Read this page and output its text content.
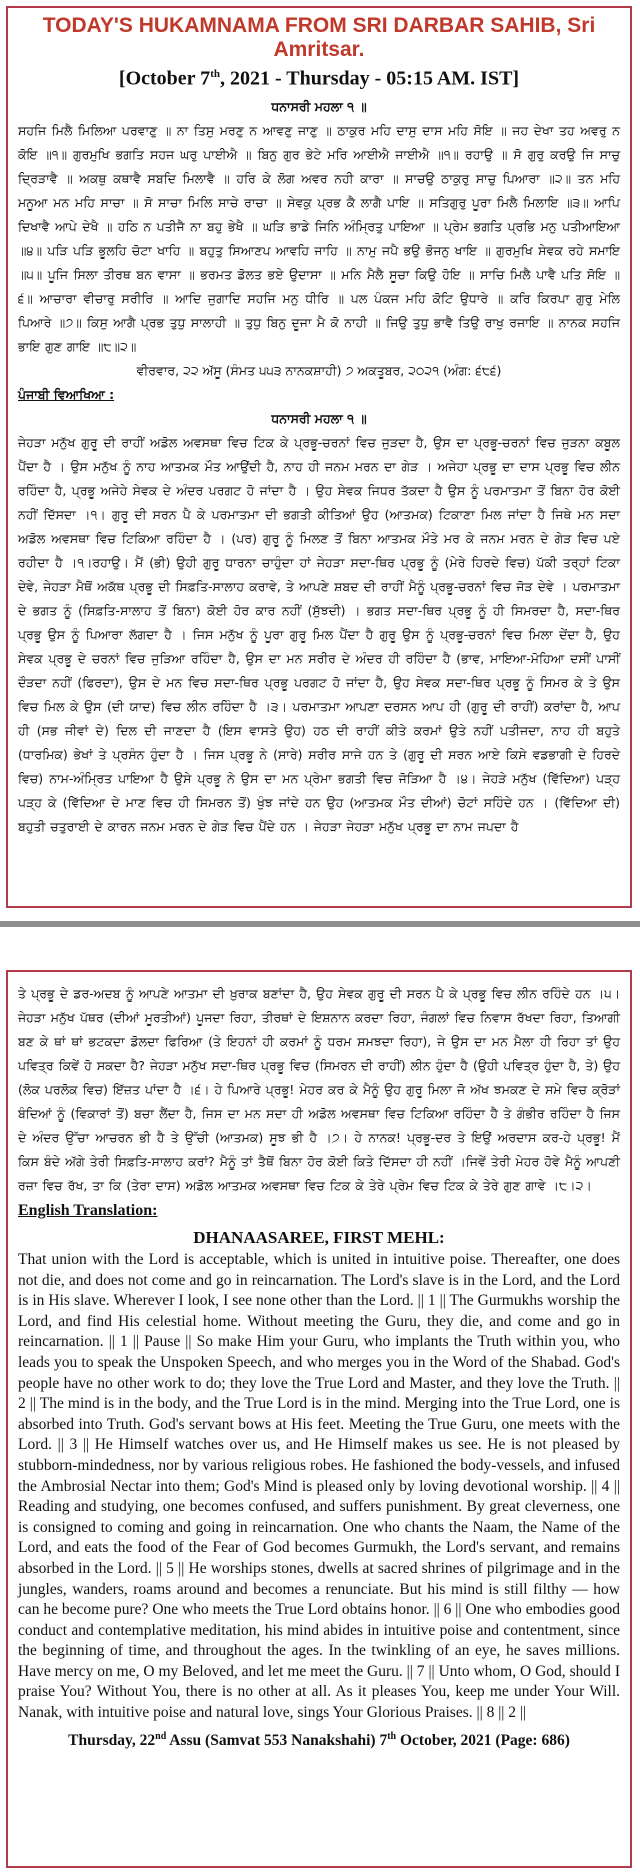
TODAY'S HUKAMNAMA FROM SRI DARBAR SAHIB, Sri Amritsar.
[October 7th, 2021 - Thursday - 05:15 AM. IST]
ਧਨਾਸਰੀ ਮਹਲਾ ੧ ॥
ਸਹਜਿ ਮਿਲੈ ਮਿਲਿਆ ਪਰਵਾਣੁ ॥ ਨਾ ਤਿਸੁ ਮਰਣੁ ਨ ਆਵਣੁ ਜਾਣੁ ॥ ਠਾਕੁਰ ਮਹਿ ਦਾਸੁ ਦਾਸ ਮਹਿ ਸੋਇ ॥ ਜਹ ਦੇਖਾ ਤਹ ਅਵਰੁ ਨ ਕੋਇ ॥੧॥ ਗੁਰਮੁਖਿ ਭਗਤਿ ਸਹਜ ਘਰੁ ਪਾਈਐ ॥ ਬਿਨੁ ਗੁਰ ਭੇਟੇ ਮਰਿ ਆਈਐ ਜਾਈਐ ॥੧॥ ਰਹਾਉ ॥ ਸੋ ਗੁਰੁ ਕਰਉ ਜਿ ਸਾਚੁ ਦ੍ਰਿੜਾਵੈ ॥ ਅਕਥੁ ਕਥਾਵੈ ਸਬਦਿ ਮਿਲਾਵੈ ॥ ਹਰਿ ਕੇ ਲੋਗ ਅਵਰ ਨਹੀ ਕਾਰਾ ॥ ਸਾਚਉ ਠਾਕੁਰੁ ਸਾਚੁ ਪਿਆਰਾ ॥੨॥ ਤਨ ਮਹਿ ਮਨੂਆ ਮਨ ਮਹਿ ਸਾਚਾ ॥ ਸੋ ਸਾਚਾ ਮਿਲਿ ਸਾਚੇ ਰਾਚਾ ॥ ਸੇਵਕੁ ਪ੍ਰਭ ਕੈ ਲਾਗੈ ਪਾਇ ॥ ਸਤਿਗੁਰੁ ਪੂਰਾ ਮਿਲੈ ਮਿਲਾਇ ॥੩॥ ਆਪਿ ਦਿਖਾਵੈ ਆਪੇ ਦੇਖੈ ॥ ਹਠਿ ਨ ਪਤੀਜੈ ਨਾ ਬਹੁ ਭੇਖੈ ॥ ਘੜਿ ਭਾਡੇ ਜਿਨਿ ਅੰਮ੍ਰਿਤੁ ਪਾਇਆ ॥ ਪ੍ਰੇਮ ਭਗਤਿ ਪ੍ਰਭਿ ਮਨੁ ਪਤੀਆਇਆ ॥੪॥ ਪੜਿ ਪੜਿ ਭੂਲਹਿ ਚੋਟਾ ਖਾਹਿ ॥ ਬਹੁਤੁ ਸਿਆਣਪ ਆਵਹਿ ਜਾਹਿ ॥ ਨਾਮੁ ਜਪੈ ਭਉ ਭੋਜਨੁ ਖਾਇ ॥ ਗੁਰਮੁਖਿ ਸੇਵਕ ਰਹੇ ਸਮਾਇ ॥੫॥ ਪੂਜਿ ਸਿਲਾ ਤੀਰਥ ਬਨ ਵਾਸਾ ॥ ਭਰਮਤ ਡੋਲਤ ਭਏ ਉਦਾਸਾ ॥ ਮਨਿ ਮੈਲੈ ਸੂਚਾ ਕਿਉ ਹੋਇ ॥ ਸਾਚਿ ਮਿਲੈ ਪਾਵੈ ਪਤਿ ਸੋਇ ॥੬॥ ਆਚਾਰਾ ਵੀਚਾਰੁ ਸਰੀਰਿ ॥ ਆਦਿ ਜੁਗਾਦਿ ਸਹਜਿ ਮਨੁ ਧੀਰਿ ॥ ਪਲ ਪੰਕਜ ਮਹਿ ਕੋਟਿ ਉਧਾਰੇ ॥ ਕਰਿ ਕਿਰਪਾ ਗੁਰੁ ਮੇਲਿ ਪਿਆਰੇ ॥੭॥ ਕਿਸੁ ਆਗੈ ਪ੍ਰਭ ਤੁਧੁ ਸਾਲਾਹੀ ॥ ਤੁਧੁ ਬਿਨੁ ਦੂਜਾ ਮੈ ਕੋ ਨਾਹੀ ॥ ਜਿਉ ਤੁਧੁ ਭਾਵੈ ਤਿਉ ਰਾਖੁ ਰਜਾਇ ॥ ਨਾਨਕ ਸਹਜਿ ਭਾਇ ਗੁਣ ਗਾਇ ॥੮॥੨॥
ਵੀਰਵਾਰ, ੨੨ ਅੱਸੂ (ਸੰਮਤ ੫੫੩ ਨਾਨਕਸ਼ਾਹੀ) ੭ ਅਕਤੂਬਰ, ੨੦੨੧ (ਅੰਗ: ੬੮੬)
ਪੰਜਾਬੀ ਵਿਆਖਿਆ :
ਧਨਾਸਰੀ ਮਹਲਾ ੧ ॥
ਜੇਹੜਾ ਮਨੁੱਖ ਗੁਰੂ ਦੀ ਰਾਹੀਂ ਅਡੋਲ ਅਵਸਥਾ ਵਿਚ ਟਿਕ ਕੇ ਪ੍ਰਭੂ-ਚਰਨਾਂ ਵਿਚ ਜੁੜਦਾ ਹੈ, ਉਸ ਦਾ ਪ੍ਰਭੂ-ਚਰਨਾਂ ਵਿਚ ਜੁੜਨਾ ਕਬੂਲ ਪੈਂਦਾ ਹੈ । ਉਸ ਮਨੁੱਖ ਨੂੰ ਨਾਹ ਆਤਮਕ ਮੌਤ ਆਉਂਦੀ ਹੈ, ਨਾਹ ਹੀ ਜਨਮ ਮਰਨ ਦਾ ਗੇੜ । ਅਜੇਹਾ ਪ੍ਰਭੂ ਦਾ ਦਾਸ ਪ੍ਰਭੂ ਵਿਚ ਲੀਨ ਰਹਿੰਦਾ ਹੈ, ਪ੍ਰਭੂ ਅਜੇਹੇ ਸੇਵਕ ਦੇ ਅੰਦਰ ਪਰਗਟ ਹੋ ਜਾਂਦਾ ਹੈ । ਉਹ ਸੇਵਕ ਜਿਧਰ ਤੱਕਦਾ ਹੈ ਉਸ ਨੂੰ ਪਰਮਾਤਮਾ ਤੋਂ ਬਿਨਾ ਹੋਰ ਕੋਈ ਨਹੀਂ ਦਿੱਸਦਾ ।੧। ਗੁਰੂ ਦੀ ਸਰਨ ਪੈ ਕੇ ਪਰਮਾਤਮਾ ਦੀ ਭਗਤੀ ਕੀਤਿਆਂ ਉਹ (ਆਤਮਕ) ਟਿਕਾਣਾ ਮਿਲ ਜਾਂਦਾ ਹੈ ਜਿਥੇ ਮਨ ਸਦਾ ਅਡੋਲ ਅਵਸਥਾ ਵਿਚ ਟਿਕਿਆ ਰਹਿੰਦਾ ਹੈ । (ਪਰ) ਗੁਰੂ ਨੂੰ ਮਿਲਣ ਤੋਂ ਬਿਨਾ ਆਤਮਕ ਮੌਤੇ ਮਰ ਕੇ ਜਨਮ ਮਰਨ ਦੇ ਗੇੜ ਵਿਚ ਪਏ ਰਹੀਦਾ ਹੈ ।੧।ਰਹਾਉ। ਮੈਂ (ਭੀ) ਉਹੀ ਗੁਰੂ ਧਾਰਨਾ ਚਾਹੁੰਦਾ ਹਾਂ ਜੇਹੜਾ ਸਦਾ-ਥਿਰ ਪ੍ਰਭੂ ਨੂੰ (ਮੇਰੇ ਹਿਰਦੇ ਵਿਚ) ਪੱਕੀ ਤਰ੍ਹਾਂ ਟਿਕਾ ਦੇਵੇ, ਜੇਹੜਾ ਮੈਥੋਂ ਅਕੱਥ ਪ੍ਰਭੂ ਦੀ ਸਿਫ਼ਤਿ-ਸਾਲਾਹ ਕਰਾਵੇ, ਤੇ ਆਪਣੇ ਸ਼ਬਦ ਦੀ ਰਾਹੀਂ ਮੈਨੂੰ ਪ੍ਰਭੂ-ਚਰਨਾਂ ਵਿਚ ਜੋੜ ਦੇਵੇ । ਪਰਮਾਤਮਾ ਦੇ ਭਗਤ ਨੂੰ (ਸਿਫ਼ਤਿ-ਸਾਲਾਹ ਤੋਂ ਬਿਨਾ) ਕੋਈ ਹੋਰ ਕਾਰ ਨਹੀਂ (ਸੁੱਝਦੀ) । ਭਗਤ ਸਦਾ-ਥਿਰ ਪ੍ਰਭੂ ਨੂੰ ਹੀ ਸਿਮਰਦਾ ਹੈ, ਸਦਾ-ਥਿਰ ਪ੍ਰਭੂ ਉਸ ਨੂੰ ਪਿਆਰਾ ਲੱਗਦਾ ਹੈ । ਜਿਸ ਮਨੁੱਖ ਨੂੰ ਪੂਰਾ ਗੁਰੂ ਮਿਲ ਪੈਂਦਾ ਹੈ ਗੁਰੂ ਉਸ ਨੂੰ ਪ੍ਰਭੂ-ਚਰਨਾਂ ਵਿਚ ਮਿਲਾ ਦੇਂਦਾ ਹੈ, ਉਹ ਸੇਵਕ ਪ੍ਰਭੂ ਦੇ ਚਰਨਾਂ ਵਿਚ ਜੁੜਿਆ ਰਹਿੰਦਾ ਹੈ, ਉਸ ਦਾ ਮਨ ਸਰੀਰ ਦੇ ਅੰਦਰ ਹੀ ਰਹਿੰਦਾ ਹੈ (ਭਾਵ, ਮਾਇਆ-ਮੋਹਿਆ ਦਸੀਂ ਪਾਸੀਂ ਦੌੜਦਾ ਨਹੀਂ (ਫਿਰਦਾ), ਉਸ ਦੇ ਮਨ ਵਿਚ ਸਦਾ-ਥਿਰ ਪ੍ਰਭੂ ਪਰਗਟ ਹੋ ਜਾਂਦਾ ਹੈ, ਉਹ ਸੇਵਕ ਸਦਾ-ਥਿਰ ਪ੍ਰਭੂ ਨੂੰ ਸਿਮਰ ਕੇ ਤੇ ਉਸ ਵਿਚ ਮਿਲ ਕੇ ਉਸ (ਦੀ ਯਾਦ) ਵਿਚ ਲੀਨ ਰਹਿੰਦਾ ਹੈ ।੩। ਪਰਮਾਤਮਾ ਆਪਣਾ ਦਰਸਨ ਆਪ ਹੀ (ਗੁਰੂ ਦੀ ਰਾਹੀਂ) ਕਰਾਂਦਾ ਹੈ, ਆਪ ਹੀ (ਸਭ ਜੀਵਾਂ ਦੇ) ਦਿਲ ਦੀ ਜਾਣਦਾ ਹੈ (ਇਸ ਵਾਸਤੇ ਉਹ) ਹਠ ਦੀ ਰਾਹੀਂ ਕੀਤੇ ਕਰਮਾਂ ਉਤੇ ਨਹੀਂ ਪਤੀਜਦਾ, ਨਾਹ ਹੀ ਬਹੁਤੇ (ਧਾਰਮਿਕ) ਭੇਖਾਂ ਤੇ ਪ੍ਰਸੰਨ ਹੁੰਦਾ ਹੈ । ਜਿਸ ਪ੍ਰਭੂ ਨੇ (ਸਾਰੇ) ਸਰੀਰ ਸਾਜੇ ਹਨ ਤੇ (ਗੁਰੂ ਦੀ ਸਰਨ ਆਏ ਕਿਸੇ ਵਡਭਾਗੀ ਦੇ ਹਿਰਦੇ ਵਿਚ) ਨਾਮ-ਅੰਮ੍ਰਿਤ ਪਾਇਆ ਹੈ ਉਸੇ ਪ੍ਰਭੂ ਨੇ ਉਸ ਦਾ ਮਨ ਪ੍ਰੇਮਾ ਭਗਤੀ ਵਿਚ ਜੋੜਿਆ ਹੈ ।੪। ਜੇਹੜੇ ਮਨੁੱਖ (ਵਿੱਦਿਆ) ਪੜ੍ਹ ਪੜ੍ਹ ਕੇ (ਵਿੱਦਿਆ ਦੇ ਮਾਣ ਵਿਚ ਹੀ ਸਿਮਰਨ ਤੋਂ) ਖੁੰਝ ਜਾਂਦੇ ਹਨ ਉਹ (ਆਤਮਕ ਮੌਤ ਦੀਆਂ) ਚੋਟਾਂ ਸਹਿੰਦੇ ਹਨ । (ਵਿੱਦਿਆ ਦੀ) ਬਹੁਤੀ ਚਤੁਰਾਈ ਦੇ ਕਾਰਨ ਜਨਮ ਮਰਨ ਦੇ ਗੇੜ ਵਿਚ ਪੈਂਦੇ ਹਨ । ਜੇਹੜਾ ਜੇਹੜਾ ਮਨੁੱਖ ਪ੍ਰਭੂ ਦਾ ਨਾਮ ਜਪਦਾ ਹੈ
ਤੇ ਪ੍ਰਭੂ ਦੇ ਡਰ-ਅਦਬ ਨੂੰ ਆਪਣੇ ਆਤਮਾ ਦੀ ਖ਼ੁਰਾਕ ਬਣਾਂਦਾ ਹੈ, ਉਹ ਸੇਵਕ ਗੁਰੂ ਦੀ ਸਰਨ ਪੈ ਕੇ ਪ੍ਰਭੂ ਵਿਚ ਲੀਨ ਰਹਿੰਦੇ ਹਨ ।੫। ਜੇਹੜਾ ਮਨੁੱਖ ਪੱਥਰ (ਦੀਆਂ ਮੂਰਤੀਆਂ) ਪੂਜਦਾ ਰਿਹਾ, ਤੀਰਥਾਂ ਦੇ ਇਸ਼ਨਾਨ ਕਰਦਾ ਰਿਹਾ, ਜੰਗਲਾਂ ਵਿਚ ਨਿਵਾਸ ਰੱਖਦਾ ਰਿਹਾ, ਤਿਆਗੀ ਬਣ ਕੇ ਥਾਂ ਥਾਂ ਭਟਕਦਾ ਡੋਲਦਾ ਫਿਰਿਆ (ਤੇ ਇਹਨਾਂ ਹੀ ਕਰਮਾਂ ਨੂੰ ਧਰਮ ਸਮਝਦਾ ਰਿਹਾ), ਜੇ ਉਸ ਦਾ ਮਨ ਮੈਲਾ ਹੀ ਰਿਹਾ ਤਾਂ ਉਹ ਪਵਿਤ੍ਰ ਕਿਵੇਂ ਹੋ ਸਕਦਾ ਹੈ? ਜੇਹੜਾ ਮਨੁੱਖ ਸਦਾ-ਥਿਰ ਪ੍ਰਭੂ ਵਿਚ (ਸਿਮਰਨ ਦੀ ਰਾਹੀਂ) ਲੀਨ ਹੁੰਦਾ ਹੈ (ਉਹੀ ਪਵਿਤ੍ਰ ਹੁੰਦਾ ਹੈ, ਤੇ) ਉਹ (ਲੋਕ ਪਰਲੋਕ ਵਿਚ) ਇੱਜ਼ਤ ਪਾਂਦਾ ਹੈ ।੬। ਹੇ ਪਿਆਰੇ ਪ੍ਰਭੂ! ਮੇਹਰ ਕਰ ਕੇ ਮੈਨੂੰ ਉਹ ਗੁਰੂ ਮਿਲਾ ਜੋ ਅੱਖ ਝਮਕਣ ਦੇ ਸਮੇ ਵਿਚ ਕ੍ਰੋੜਾਂ ਬੰਦਿਆਂ ਨੂੰ (ਵਿਕਾਰਾਂ ਤੋਂ) ਬਚਾ ਲੈਂਦਾ ਹੈ, ਜਿਸ ਦਾ ਮਨ ਸਦਾ ਹੀ ਅਡੋਲ ਅਵਸਥਾ ਵਿਚ ਟਿਕਿਆ ਰਹਿੰਦਾ ਹੈ ਤੇ ਗੰਭੀਰ ਰਹਿੰਦਾ ਹੈ ਜਿਸ ਦੇ ਅੰਦਰ ਉੱਚਾ ਆਚਰਨ ਭੀ ਹੈ ਤੇ ਉੱਚੀ (ਆਤਮਕ) ਸੂਝ ਭੀ ਹੈ ।੭। ਹੇ ਨਾਨਕ! ਪ੍ਰਭੂ-ਦਰ ਤੇ ਇਉਂ ਅਰਦਾਸ ਕਰ-ਹੇ ਪ੍ਰਭੂ! ਮੈਂ ਕਿਸ ਬੰਦੇ ਅੱਗੇ ਤੇਰੀ ਸਿਫ਼ਤਿ-ਸਾਲਾਹ ਕਰਾਂ? ਮੈਨੂੰ ਤਾਂ ਤੈਥੋਂ ਬਿਨਾ ਹੋਰ ਕੋਈ ਕਿਤੇ ਦਿੱਸਦਾ ਹੀ ਨਹੀਂ ।ਜਿਵੇਂ ਤੇਰੀ ਮੇਹਰ ਹੋਵੇ ਮੈਨੂੰ ਆਪਣੀ ਰਜ਼ਾ ਵਿਚ ਰੱਖ, ਤਾ ਕਿ (ਤੇਰਾ ਦਾਸ) ਅਡੋਲ ਆਤਮਕ ਅਵਸਥਾ ਵਿਚ ਟਿਕ ਕੇ ਤੇਰੇ ਪ੍ਰੇਮ ਵਿਚ ਟਿਕ ਕੇ ਤੇਰੇ ਗੁਣ ਗਾਵੇ ।੮।੨।
English Translation:
DHANAASAREE, FIRST MEHL:
That union with the Lord is acceptable, which is united in intuitive poise. Thereafter, one does not die, and does not come and go in reincarnation. The Lord's slave is in the Lord, and the Lord is in His slave. Wherever I look, I see none other than the Lord. || 1 || The Gurmukhs worship the Lord, and find His celestial home. Without meeting the Guru, they die, and come and go in reincarnation. || 1 || Pause || So make Him your Guru, who implants the Truth within you, who leads you to speak the Unspoken Speech, and who merges you in the Word of the Shabad. God's people have no other work to do; they love the True Lord and Master, and they love the Truth. || 2 || The mind is in the body, and the True Lord is in the mind. Merging into the True Lord, one is absorbed into Truth. God's servant bows at His feet. Meeting the True Guru, one meets with the Lord. || 3 || He Himself watches over us, and He Himself makes us see. He is not pleased by stubborn-mindedness, nor by various religious robes. He fashioned the body-vessels, and infused the Ambrosial Nectar into them; God's Mind is pleased only by loving devotional worship. || 4 || Reading and studying, one becomes confused, and suffers punishment. By great cleverness, one is consigned to coming and going in reincarnation. One who chants the Naam, the Name of the Lord, and eats the food of the Fear of God becomes Gurmukh, the Lord's servant, and remains absorbed in the Lord. || 5 || He worships stones, dwells at sacred shrines of pilgrimage and in the jungles, wanders, roams around and becomes a renunciate. But his mind is still filthy — how can he become pure? One who meets the True Lord obtains honor. || 6 || One who embodies good conduct and contemplative meditation, his mind abides in intuitive poise and contentment, since the beginning of time, and throughout the ages. In the twinkling of an eye, he saves millions. Have mercy on me, O my Beloved, and let me meet the Guru. || 7 || Unto whom, O God, should I praise You? Without You, there is no other at all. As it pleases You, keep me under Your Will. Nanak, with intuitive poise and natural love, sings Your Glorious Praises. || 8 || 2 ||
Thursday, 22nd Assu (Samvat 553 Nanakshahi) 7th October, 2021 (Page: 686)
